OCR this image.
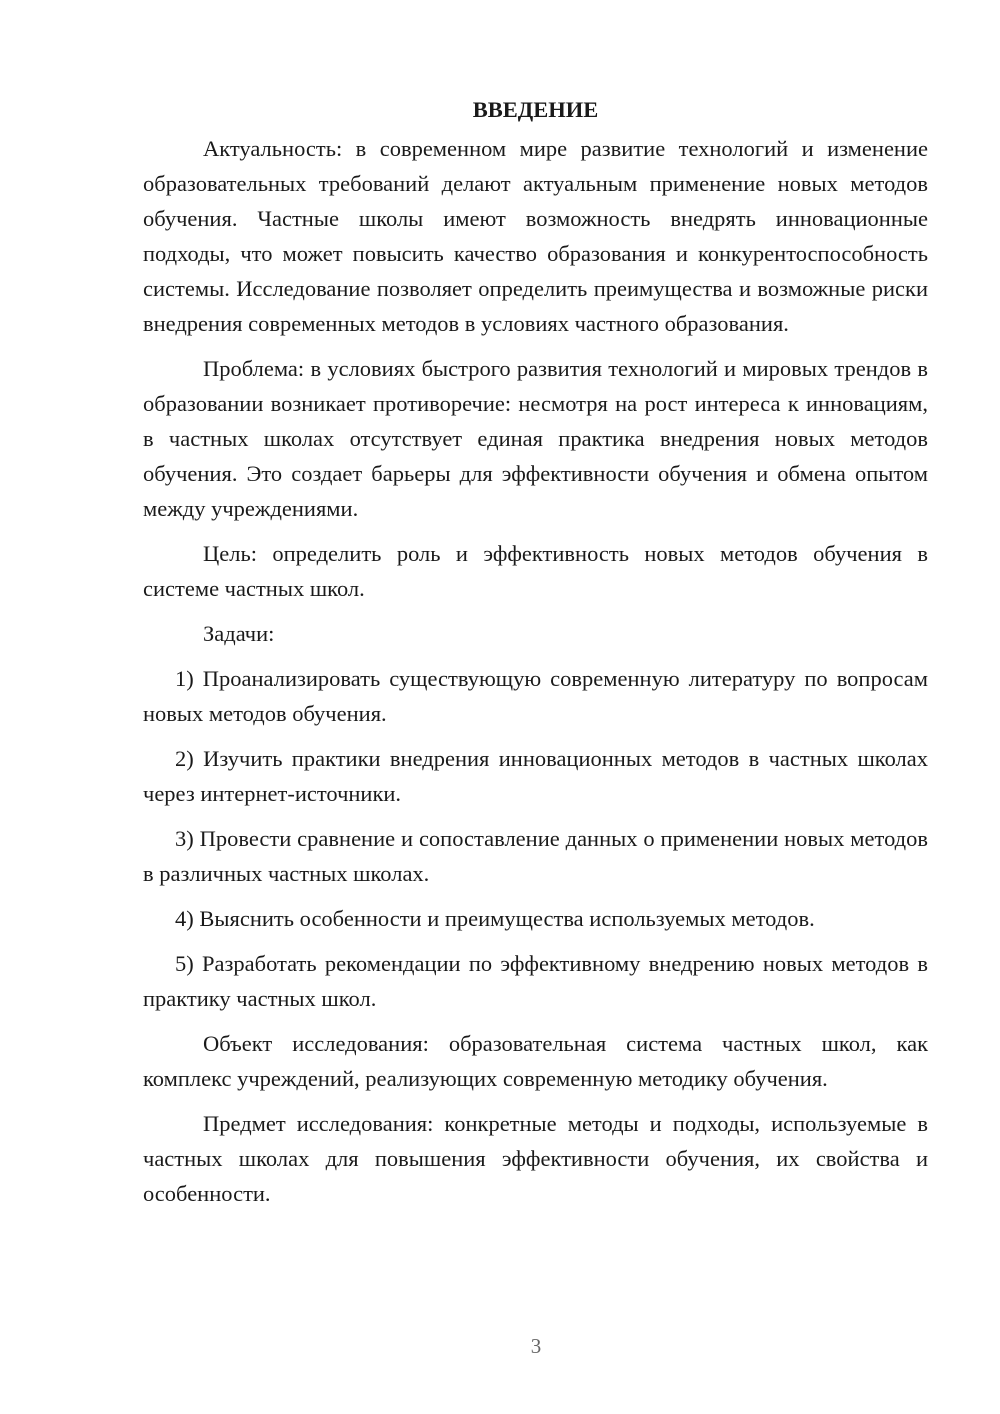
ВВЕДЕНИЕ

Актуальность: в современном мире развитие технологий и изменение образовательных требований делают актуальным применение новых методов обучения. Частные школы имеют возможность внедрять инновационные подходы, что может повысить качество образования и конкурентоспособность системы. Исследование позволяет определить преимущества и возможные риски внедрения современных методов в условиях частного образования.

Проблема: в условиях быстрого развития технологий и мировых трендов в образовании возникает противоречие: несмотря на рост интереса к инновациям, в частных школах отсутствует единая практика внедрения новых методов обучения. Это создает барьеры для эффективности обучения и обмена опытом между учреждениями.

Цель: определить роль и эффективность новых методов обучения в системе частных школ.

Задачи:

1) Проанализировать существующую современную литературу по вопросам новых методов обучения.

2) Изучить практики внедрения инновационных методов в частных школах через интернет-источники.

3) Провести сравнение и сопоставление данных о применении новых методов в различных частных школах.

4) Выяснить особенности и преимущества используемых методов.

5) Разработать рекомендации по эффективному внедрению новых методов в практику частных школ.

Объект исследования: образовательная система частных школ, как комплекс учреждений, реализующих современную методику обучения.

Предмет исследования: конкретные методы и подходы, используемые в частных школах для повышения эффективности обучения, их свойства и особенности.

3
